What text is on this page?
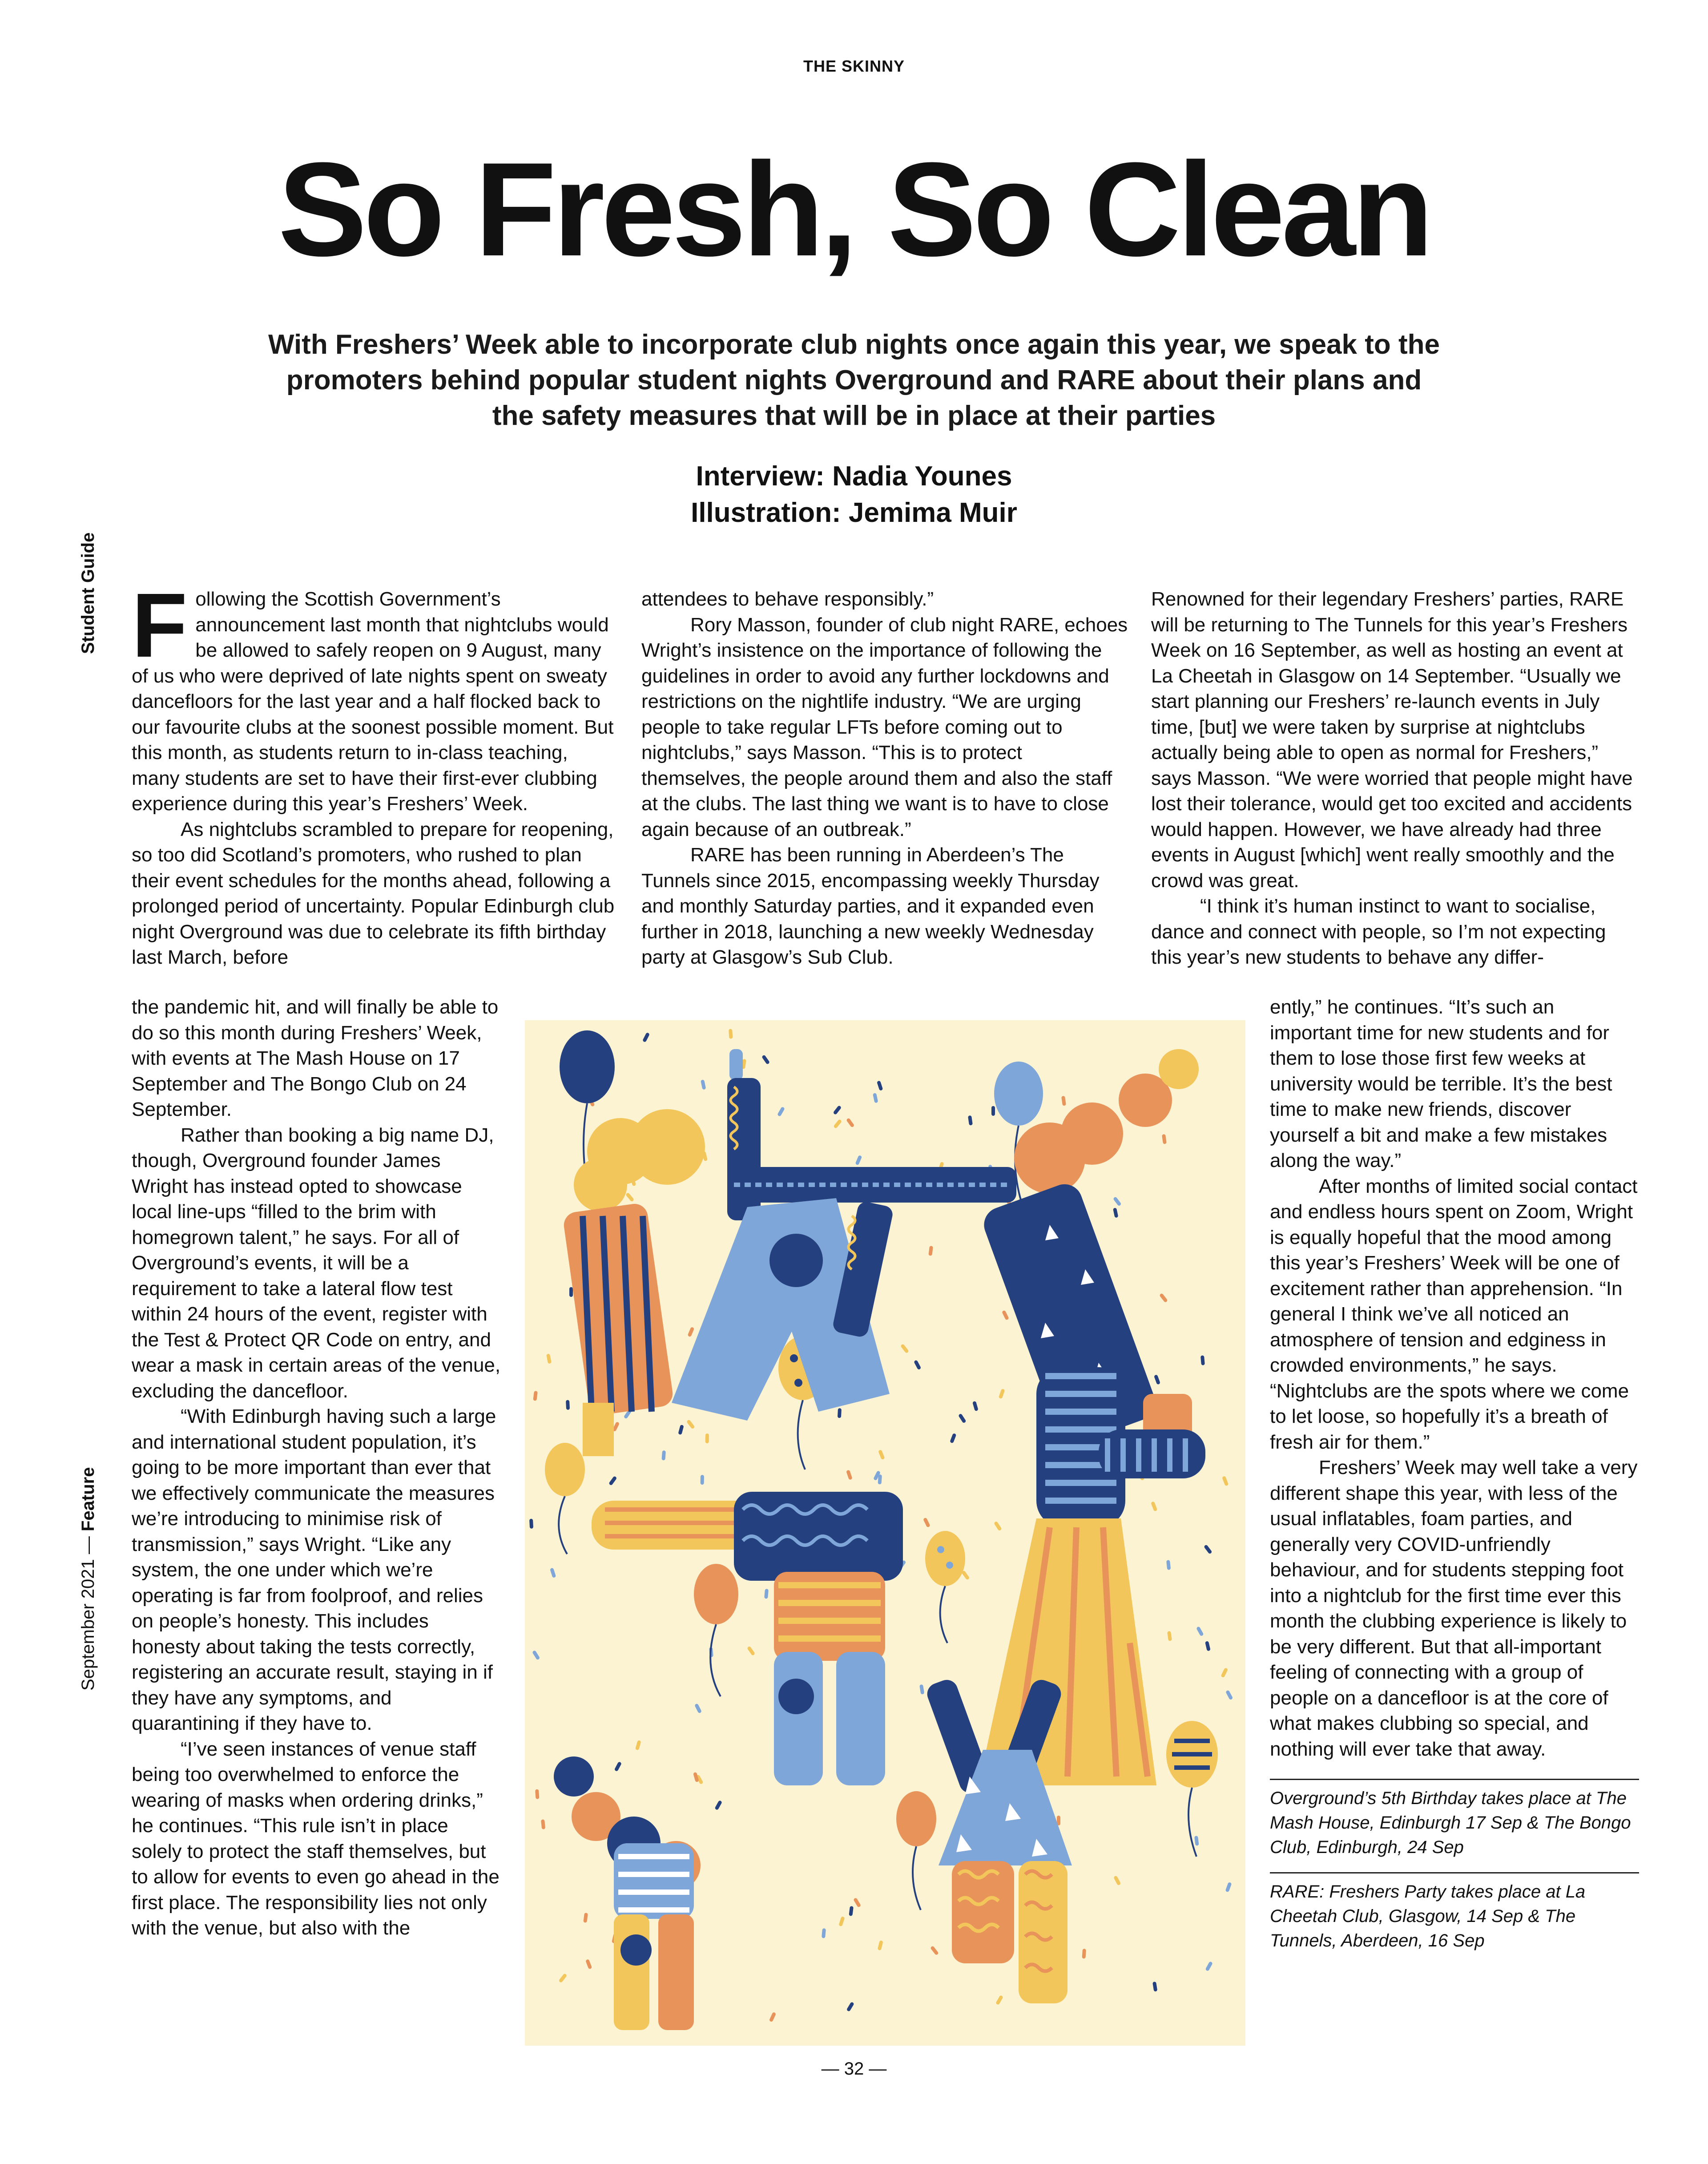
THE SKINNY
So Fresh, So Clean
With Freshers’ Week able to incorporate club nights once again this year, we speak to the promoters behind popular student nights Overground and RARE about their plans and the safety measures that will be in place at their parties
Interview: Nadia Younes
Illustration: Jemima Muir
Student Guide
September 2021 — Feature

Following the Scottish Government’s announcement last month that nightclubs would be allowed to safely reopen on 9 August, many of us who were deprived of late nights spent on sweaty dancefloors for the last year and a half flocked back to our favourite clubs at the soonest possible moment. But this month, as students return to in-class teaching, many students are set to have their first-ever clubbing experience during this year’s Freshers’ Week.

As nightclubs scrambled to prepare for reopening, so too did Scotland’s promoters, who rushed to plan their event schedules for the months ahead, following a prolonged period of uncertainty. Popular Edinburgh club night Overground was due to celebrate its fifth birthday last March, before

the pandemic hit, and will finally be able to do so this month during Freshers’ Week, with events at The Mash House on 17 September and The Bongo Club on 24 September.

Rather than booking a big name DJ, though, Overground founder James Wright has instead opted to showcase local line-ups “filled to the brim with homegrown talent,” he says. For all of Overground’s events, it will be a requirement to take a lateral flow test within 24 hours of the event, register with the Test & Protect QR Code on entry, and wear a mask in certain areas of the venue, excluding the dancefloor.

“With Edinburgh having such a large and international student population, it’s going to be more important than ever that we effectively communicate the measures we’re introducing to minimise risk of transmission,” says Wright. “Like any system, the one under which we’re operating is far from foolproof, and relies on people’s honesty. This includes honesty about taking the tests correctly, registering an accurate result, staying in if they have any symptoms, and quarantining if they have to.

“I’ve seen instances of venue staff being too overwhelmed to enforce the wearing of masks when ordering drinks,” he continues. “This rule isn’t in place solely to protect the staff themselves, but to allow for events to even go ahead in the first place. The responsibility lies not only with the venue, but also with the

attendees to behave responsibly.”

Rory Masson, founder of club night RARE, echoes Wright’s insistence on the importance of following the guidelines in order to avoid any further lockdowns and restrictions on the nightlife industry. “We are urging people to take regular LFTs before coming out to nightclubs,” says Masson. “This is to protect themselves, the people around them and also the staff at the clubs. The last thing we want is to have to close again because of an outbreak.”

RARE has been running in Aberdeen’s The Tunnels since 2015, encompassing weekly Thursday and monthly Saturday parties, and it expanded even further in 2018, launching a new weekly Wednesday party at Glasgow’s Sub Club.

Renowned for their legendary Freshers’ parties, RARE will be returning to The Tunnels for this year’s Freshers Week on 16 September, as well as hosting an event at La Cheetah in Glasgow on 14 September. “Usually we start planning our Freshers’ re-launch events in July time, [but] we were taken by surprise at nightclubs actually being able to open as normal for Freshers,” says Masson. “We were worried that people might have lost their tolerance, would get too excited and accidents would happen. However, we have already had three events in August [which] went really smoothly and the crowd was great.

“I think it’s human instinct to want to socialise, dance and connect with people, so I’m not expecting this year’s new students to behave any differ-

ently,” he continues. “It’s such an important time for new students and for them to lose those first few weeks at university would be terrible. It’s the best time to make new friends, discover yourself a bit and make a few mistakes along the way.”

After months of limited social contact and endless hours spent on Zoom, Wright is equally hopeful that the mood among this year’s Freshers’ Week will be one of excitement rather than apprehension. “In general I think we’ve all noticed an atmosphere of tension and edginess in crowded environments,” he says. “Nightclubs are the spots where we come to let loose, so hopefully it’s a breath of fresh air for them.”

Freshers’ Week may well take a very different shape this year, with less of the usual inflatables, foam parties, and generally very COVID-unfriendly behaviour, and for students stepping foot into a nightclub for the first time ever this month the clubbing experience is likely to be very different. But that all-important feeling of connecting with a group of people on a dancefloor is at the core of what makes clubbing so special, and nothing will ever take that away.

Overground’s 5th Birthday takes place at The Mash House, Edinburgh 17 Sep & The Bongo Club, Edinburgh, 24 Sep

RARE: Freshers Party takes place at La Cheetah Club, Glasgow, 14 Sep & The Tunnels, Aberdeen, 16 Sep

— 32 —
